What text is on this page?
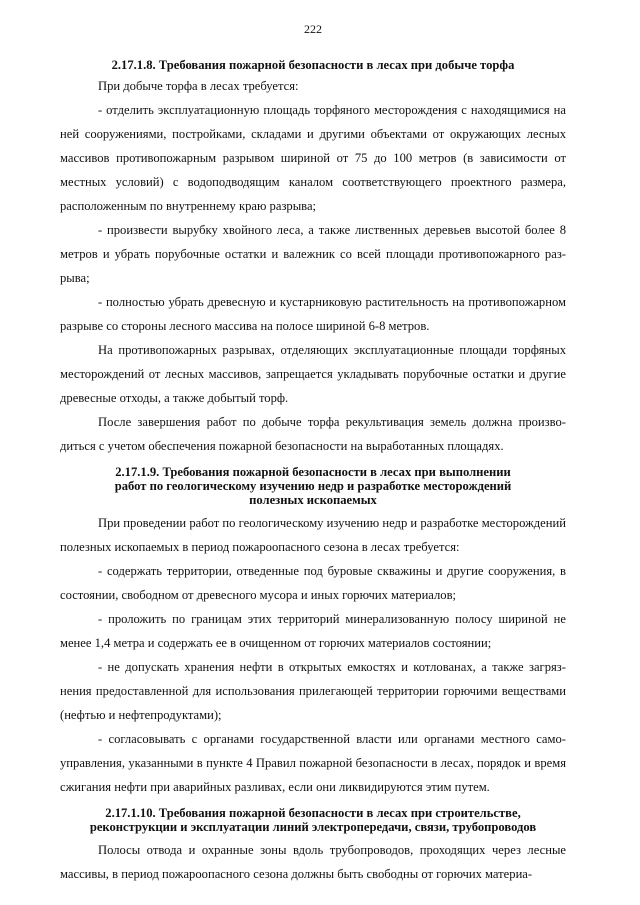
222
2.17.1.8. Требования пожарной безопасности в лесах при добыче торфа

При добыче торфа в лесах требуется:

- отделить эксплуатационную площадь торфяного месторождения с находящимися на ней сооружениями, постройками, складами и другими объектами от окружающих лесных массивов противопожарным разрывом шириной от 75 до 100 метров (в зависимости от местных условий) с водоподводящим каналом соответствующего проектного размера, расположенным по внутреннему краю разрыва;

- произвести вырубку хвойного леса, а также лиственных деревьев высотой более 8 метров и убрать порубочные остатки и валежник со всей площади противопожарного разрыва;

- полностью убрать древесную и кустарниковую растительность на противопожарном разрыве со стороны лесного массива на полосе шириной 6-8 метров.

На противопожарных разрывах, отделяющих эксплуатационные площади торфяных месторождений от лесных массивов, запрещается укладывать порубочные остатки и другие древесные отходы, а также добытый торф.

После завершения работ по добыче торфа рекультивация земель должна производиться с учетом обеспечения пожарной безопасности на выработанных площадях.

2.17.1.9. Требования пожарной безопасности в лесах при выполнении
работ по геологическому изучению недр и разработке месторождений
полезных ископаемых

При проведении работ по геологическому изучению недр и разработке месторождений полезных ископаемых в период пожароопасного сезона в лесах требуется:

- содержать территории, отведенные под буровые скважины и другие сооружения, в состоянии, свободном от древесного мусора и иных горючих материалов;

- проложить по границам этих территорий минерализованную полосу шириной не менее 1,4 метра и содержать ее в очищенном от горючих материалов состоянии;

- не допускать хранения нефти в открытых емкостях и котлованах, а также загрязнения предоставленной для использования прилегающей территории горючими веществами (нефтью и нефтепродуктами);

- согласовывать с органами государственной власти или органами местного самоуправления, указанными в пункте 4 Правил пожарной безопасности в лесах, порядок и время сжигания нефти при аварийных разливах, если они ликвидируются этим путем.

2.17.1.10. Требования пожарной безопасности в лесах при строительстве,
реконструкции и эксплуатации линий электропередачи, связи, трубопроводов

Полосы отвода и охранные зоны вдоль трубопроводов, проходящих через лесные массивы, в период пожароопасного сезона должны быть свободны от горючих материа-
